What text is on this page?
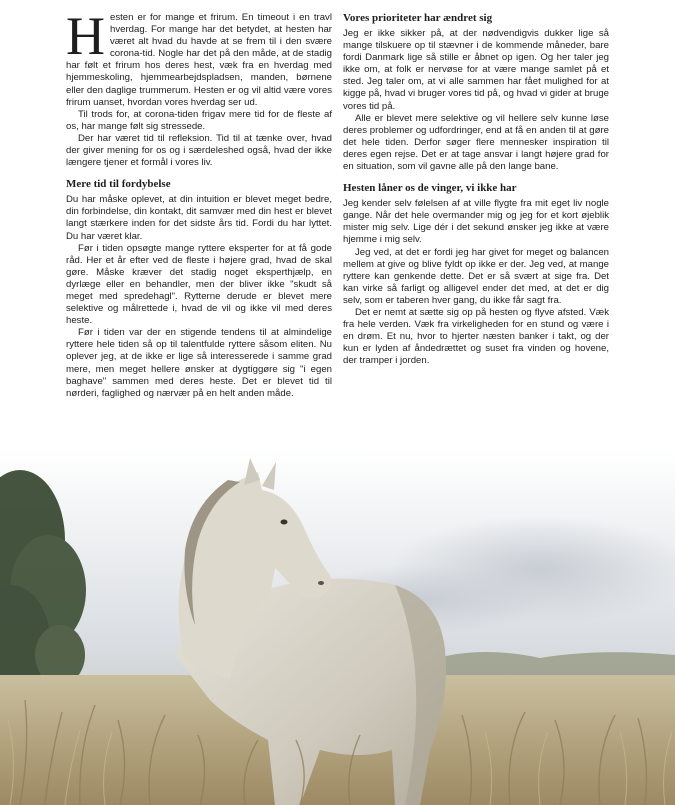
H esten er for mange et frirum. En timeout i en travl hverdag. For mange har det betydet, at hesten har været alt hvad du havde at se frem til i den svære corona-tid. Nogle har det på den måde, at de stadig har følt et frirum hos deres hest, væk fra en hverdag med hjemmeskoling, hjemmearbejdspladsen, manden, børnene eller den daglige trummerum. Hesten er og vil altid være vores frirum uanset, hvordan vores hverdag ser ud.

Til trods for, at corona-tiden frigav mere tid for de fleste af os, har mange følt sig stressede.

Der har været tid til refleksion. Tid til at tænke over, hvad der giver mening for os og i særdeleshed også, hvad der ikke længere tjener et formål i vores liv.

Mere tid til fordybelse

Du har måske oplevet, at din intuition er blevet meget bedre, din forbindelse, din kontakt, dit samvær med din hest er blevet langt stærkere inden for det sidste års tid. Fordi du har lyttet. Du har været klar.

Før i tiden opsøgte mange ryttere eksperter for at få gode råd. Her et år efter ved de fleste i højere grad, hvad de skal gøre. Måske kræver det stadig noget eksperthjælp, en dyrlæge eller en behandler, men der bliver ikke "skudt så meget med spredehagl". Rytterne derude er blevet mere selektive og målrettede i, hvad de vil og ikke vil med deres heste.

Før i tiden var der en stigende tendens til at almindelige ryttere hele tiden så op til talentfulde ryttere såsom eliten. Nu oplever jeg, at de ikke er lige så interesserede i samme grad mere, men meget hellere ønsker at dygtiggøre sig "i egen baghave" sammen med deres heste. Det er blevet tid til nørderi, faglighed og nærvær på en helt anden måde.

Vores prioriteter har ændret sig

Jeg er ikke sikker på, at der nødvendigvis dukker lige så mange tilskuere op til stævner i de kommende måneder, bare fordi Danmark lige så stille er åbnet op igen. Og her taler jeg ikke om, at folk er nervøse for at være mange samlet på et sted. Jeg taler om, at vi alle sammen har fået mulighed for at kigge på, hvad vi bruger vores tid på, og hvad vi gider at bruge vores tid på.

Alle er blevet mere selektive og vil hellere selv kunne løse deres problemer og udfordringer, end at få en anden til at gøre det hele tiden. Derfor søger flere mennesker inspiration til deres egen rejse. Det er at tage ansvar i langt højere grad for en situation, som vil gavne alle på den lange bane.

Hesten låner os de vinger, vi ikke har

Jeg kender selv følelsen af at ville flygte fra mit eget liv nogle gange. Når det hele overmander mig og jeg for et kort øjeblik mister mig selv. Lige dér i det sekund ønsker jeg ikke at være hjemme i mig selv.

Jeg ved, at det er fordi jeg har givet for meget og balancen mellem at give og blive fyldt op ikke er der. Jeg ved, at mange ryttere kan genkende dette. Det er så svært at sige fra. Det kan virke så farligt og alligevel ender det med, at det er dig selv, som er taberen hver gang, du ikke får sagt fra.

Det er nemt at sætte sig op på hesten og flyve afsted. Væk fra hele verden. Væk fra virkeligheden for en stund og være i en drøm. Et nu, hvor to hjerter næsten banker i takt, og der kun er lyden af åndedrættet og suset fra vinden og hovene, der tramper i jorden.
